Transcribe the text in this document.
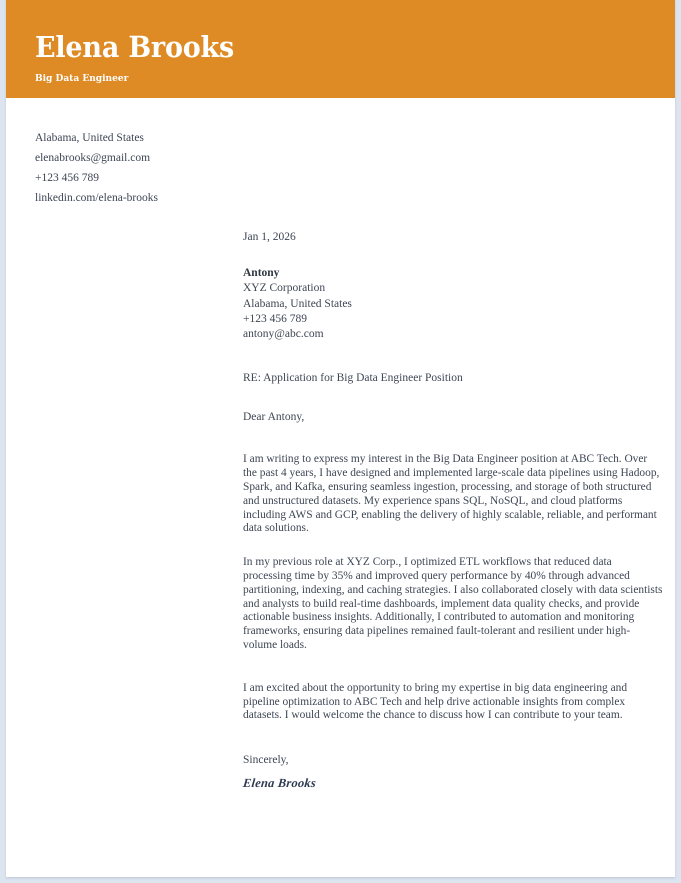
Elena Brooks
Big Data Engineer
Alabama, United States
elenabrooks@gmail.com
+123 456 789
linkedin.com/elena-brooks
Jan 1, 2026
Antony
XYZ Corporation
Alabama, United States
+123 456 789
antony@abc.com
RE: Application for Big Data Engineer Position
Dear Antony,
I am writing to express my interest in the Big Data Engineer position at ABC Tech. Over the past 4 years, I have designed and implemented large-scale data pipelines using Hadoop, Spark, and Kafka, ensuring seamless ingestion, processing, and storage of both structured and unstructured datasets. My experience spans SQL, NoSQL, and cloud platforms including AWS and GCP, enabling the delivery of highly scalable, reliable, and performant data solutions.
In my previous role at XYZ Corp., I optimized ETL workflows that reduced data processing time by 35% and improved query performance by 40% through advanced partitioning, indexing, and caching strategies. I also collaborated closely with data scientists and analysts to build real-time dashboards, implement data quality checks, and provide actionable business insights. Additionally, I contributed to automation and monitoring frameworks, ensuring data pipelines remained fault-tolerant and resilient under high-volume loads.
I am excited about the opportunity to bring my expertise in big data engineering and pipeline optimization to ABC Tech and help drive actionable insights from complex datasets. I would welcome the chance to discuss how I can contribute to your team.
Sincerely,
Elena Brooks
